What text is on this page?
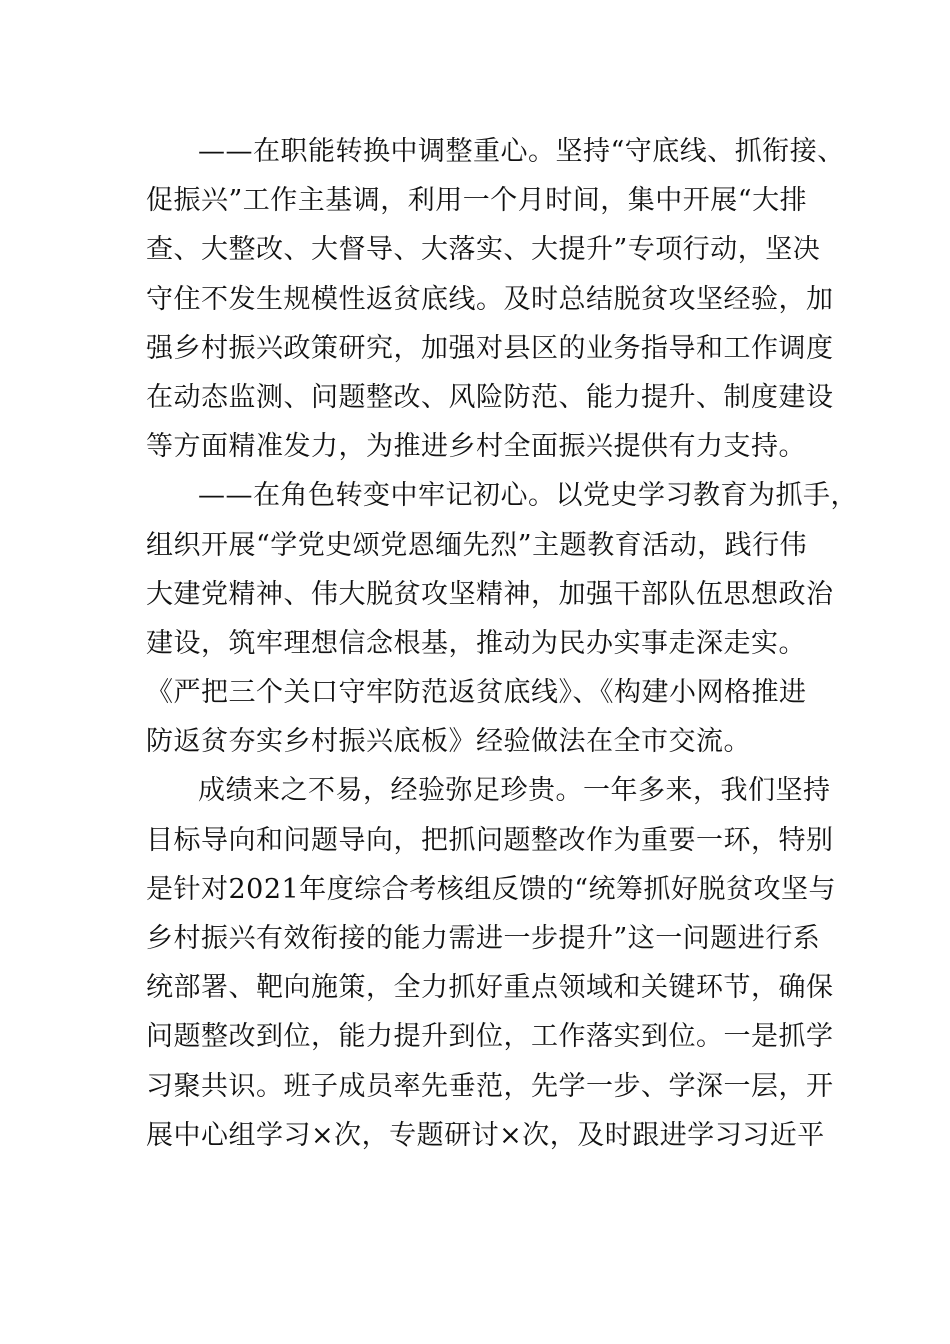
——在职能转换中调整重心。坚持“守底线、抓衔接、
促振兴”工作主基调，利用一个月时间，集中开展“大排
查、大整改、大督导、大落实、大提升”专项行动，坚决
守住不发生规模性返贫底线。及时总结脱贫攻坚经验，加
强乡村振兴政策研究，加强对县区的业务指导和工作调度
在动态监测、问题整改、风险防范、能力提升、制度建设
等方面精准发力，为推进乡村全面振兴提供有力支持。
——在角色转变中牢记初心。以党史学习教育为抓手，
组织开展“学党史颂党恩缅先烈”主题教育活动，践行伟
大建党精神、伟大脱贫攻坚精神，加强干部队伍思想政治
建设，筑牢理想信念根基，推动为民办实事走深走实。
《严把三个关口守牢防范返贫底线》、《构建小网格推进
防返贫夯实乡村振兴底板》经验做法在全市交流。
成绩来之不易，经验弥足珍贵。一年多来，我们坚持
目标导向和问题导向，把抓问题整改作为重要一环，特别
是针对2021年度综合考核组反馈的“统筹抓好脱贫攻坚与
乡村振兴有效衔接的能力需进一步提升”这一问题进行系
统部署、靶向施策，全力抓好重点领域和关键环节，确保
问题整改到位，能力提升到位，工作落实到位。一是抓学
习聚共识。班子成员率先垂范，先学一步、学深一层，开
展中心组学习×次，专题研讨×次，及时跟进学习习近平
